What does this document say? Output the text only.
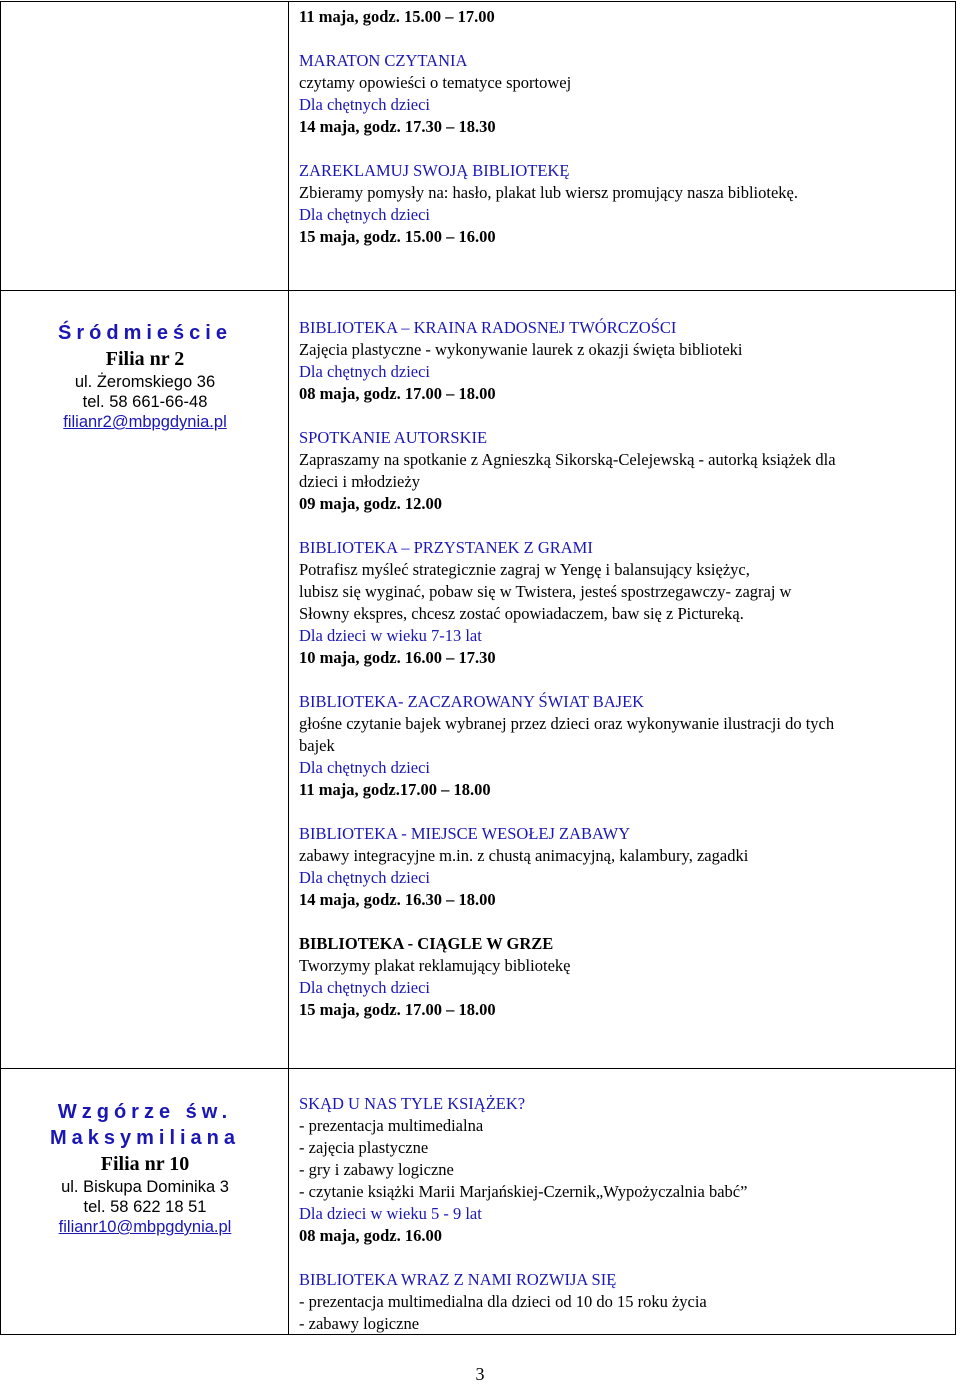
11 maja, godz. 15.00 – 17.00
MARATON CZYTANIA
czytamy opowieści o tematyce sportowej
Dla chętnych dzieci
14 maja, godz. 17.30 – 18.30
ZAREKLAMUJ SWOJĄ BIBLIOTEKĘ
Zbieramy pomysły na: hasło, plakat lub wiersz promujący nasza bibliotekę.
Dla chętnych dzieci
15 maja, godz. 15.00 – 16.00
Śródmieście
Filia nr 2
ul. Żeromskiego 36
tel. 58 661-66-48
filianr2@mbpgdynia.pl
BIBLIOTEKA – KRAINA RADOSNEJ TWÓRCZOŚCI
Zajęcia plastyczne - wykonywanie laurek z okazji święta biblioteki
Dla chętnych dzieci
08 maja, godz. 17.00 – 18.00
SPOTKANIE AUTORSKIE
Zapraszamy na spotkanie z Agnieszką Sikorską-Celejewską - autorką książek dla
dzieci i młodzieży
09 maja, godz. 12.00
BIBLIOTEKA – PRZYSTANEK Z GRAMI
Potrafisz myśleć strategicznie zagraj w Yengę i balansujący księżyc,
lubisz się wyginać, pobaw się w Twistera, jesteś spostrzegawczy- zagraj w
Słowny ekspres, chcesz zostać opowiadaczem, baw się z Picturеką.
Dla dzieci w wieku 7-13 lat
10 maja, godz. 16.00 – 17.30
BIBLIOTEKA- ZACZAROWANY ŚWIAT BAJEK
głośne czytanie bajek wybranej przez dzieci oraz wykonywanie ilustracji do tych
bajek
Dla chętnych dzieci
11 maja, godz.17.00 – 18.00
BIBLIOTEKA - MIEJSCE WESOŁEJ ZABAWY
zabawy integracyjne m.in. z chustą animacyjną, kalambury, zagadki
Dla chętnych dzieci
14 maja, godz. 16.30 – 18.00
BIBLIOTEKA - CIĄGLE W GRZE
Tworzymy plakat reklamujący bibliotekę
Dla chętnych dzieci
15 maja, godz. 17.00 – 18.00
Wzgórze św.
Maksymiliana
Filia nr 10
ul. Biskupa Dominika 3
tel. 58 622 18 51
filianr10@mbpgdynia.pl
SKĄD U NAS TYLE KSIĄŻEK?
- prezentacja multimedialna
- zajęcia plastyczne
- gry i zabawy logiczne
- czytanie książki Marii Marjańskiej-Czernik„Wypożyczalnia babć”
Dla dzieci w wieku 5 - 9 lat
08 maja, godz. 16.00
BIBLIOTEKA WRAZ Z NAMI ROZWIJA SIĘ
- prezentacja multimedialna dla dzieci od 10 do 15 roku życia
- zabawy logiczne
3
